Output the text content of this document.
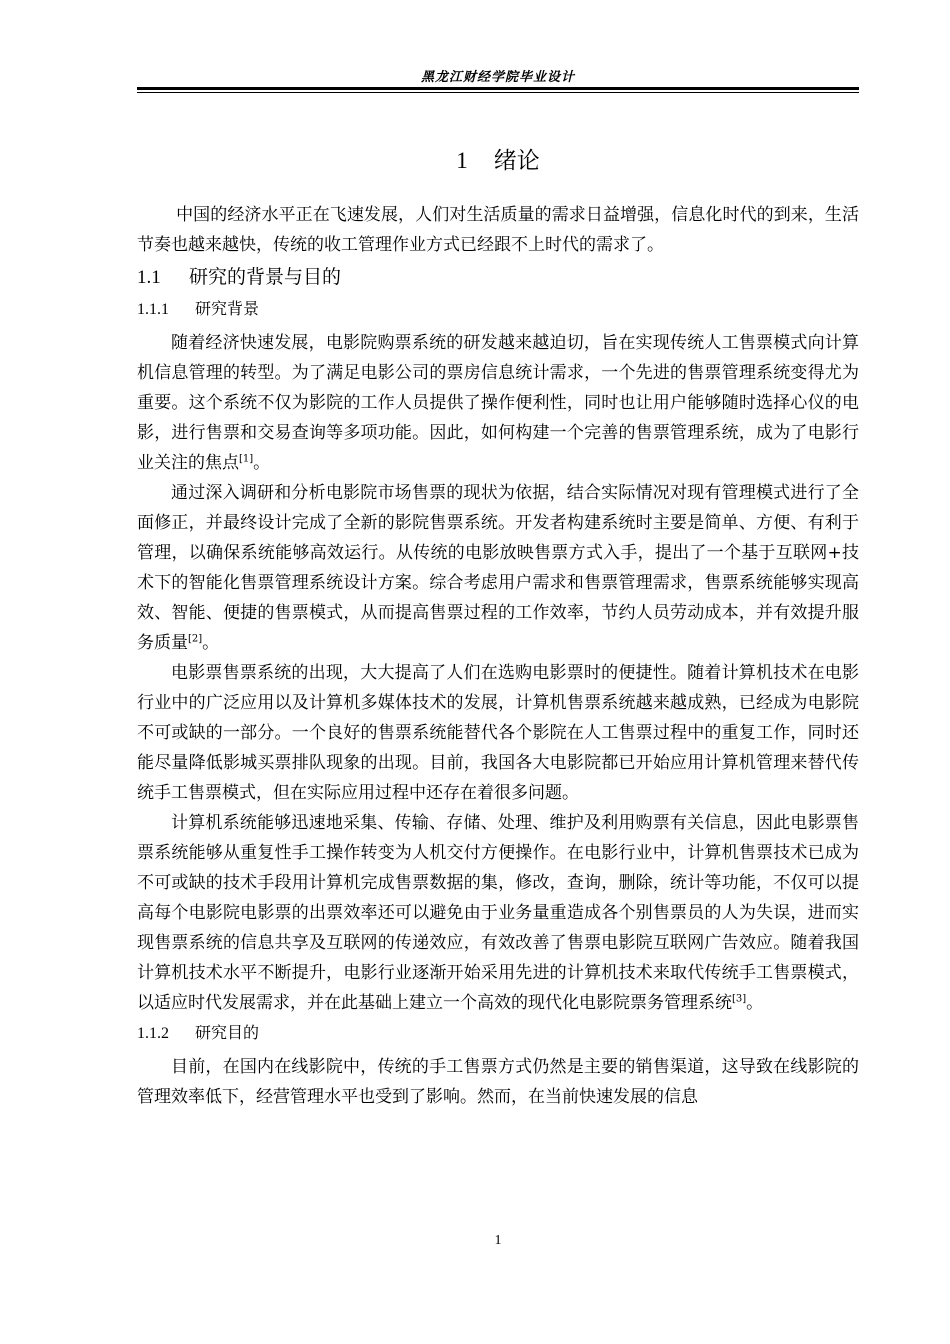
黑龙江财经学院毕业设计
1 绪论

中国的经济水平正在飞速发展，人们对生活质量的需求日益增强，信息化时代的到来，生活节奏也越来越快，传统的收工管理作业方式已经跟不上时代的需求了。

1.1 研究的背景与目的
1.1.1 研究背景

随着经济快速发展，电影院购票系统的研发越来越迫切，旨在实现传统人工售票模式向计算机信息管理的转型。为了满足电影公司的票房信息统计需求，一个先进的售票管理系统变得尤为重要。这个系统不仅为影院的工作人员提供了操作便利性，同时也让用户能够随时选择心仪的电影，进行售票和交易查询等多项功能。因此，如何构建一个完善的售票管理系统，成为了电影行业关注的焦点[1]。

通过深入调研和分析电影院市场售票的现状为依据，结合实际情况对现有管理模式进行了全面修正，并最终设计完成了全新的影院售票系统。开发者构建系统时主要是简单、方便、有利于管理，以确保系统能够高效运行。从传统的电影放映售票方式入手，提出了一个基于互联网+技术下的智能化售票管理系统设计方案。综合考虑用户需求和售票管理需求，售票系统能够实现高效、智能、便捷的售票模式，从而提高售票过程的工作效率，节约人员劳动成本，并有效提升服务质量[2]。

电影票售票系统的出现，大大提高了人们在选购电影票时的便捷性。随着计算机技术在电影行业中的广泛应用以及计算机多媒体技术的发展，计算机售票系统越来越成熟，已经成为电影院不可或缺的一部分。一个良好的售票系统能替代各个影院在人工售票过程中的重复工作，同时还能尽量降低影城买票排队现象的出现。目前，我国各大电影院都已开始应用计算机管理来替代传统手工售票模式，但在实际应用过程中还存在着很多问题。

计算机系统能够迅速地采集、传输、存储、处理、维护及利用购票有关信息，因此电影票售票系统能够从重复性手工操作转变为人机交付方便操作。在电影行业中，计算机售票技术已成为不可或缺的技术手段用计算机完成售票数据的集，修改，查询，删除，统计等功能，不仅可以提高每个电影院电影票的出票效率还可以避免由于业务量重造成各个别售票员的人为失误，进而实现售票系统的信息共享及互联网的传递效应，有效改善了售票电影院互联网广告效应。随着我国计算机技术水平不断提升，电影行业逐渐开始采用先进的计算机技术来取代传统手工售票模式，以适应时代发展需求，并在此基础上建立一个高效的现代化电影院票务管理系统[3]。

1.1.2 研究目的

目前，在国内在线影院中，传统的手工售票方式仍然是主要的销售渠道，这导致在线影院的管理效率低下，经营管理水平也受到了影响。然而，在当前快速发展的信息

1
